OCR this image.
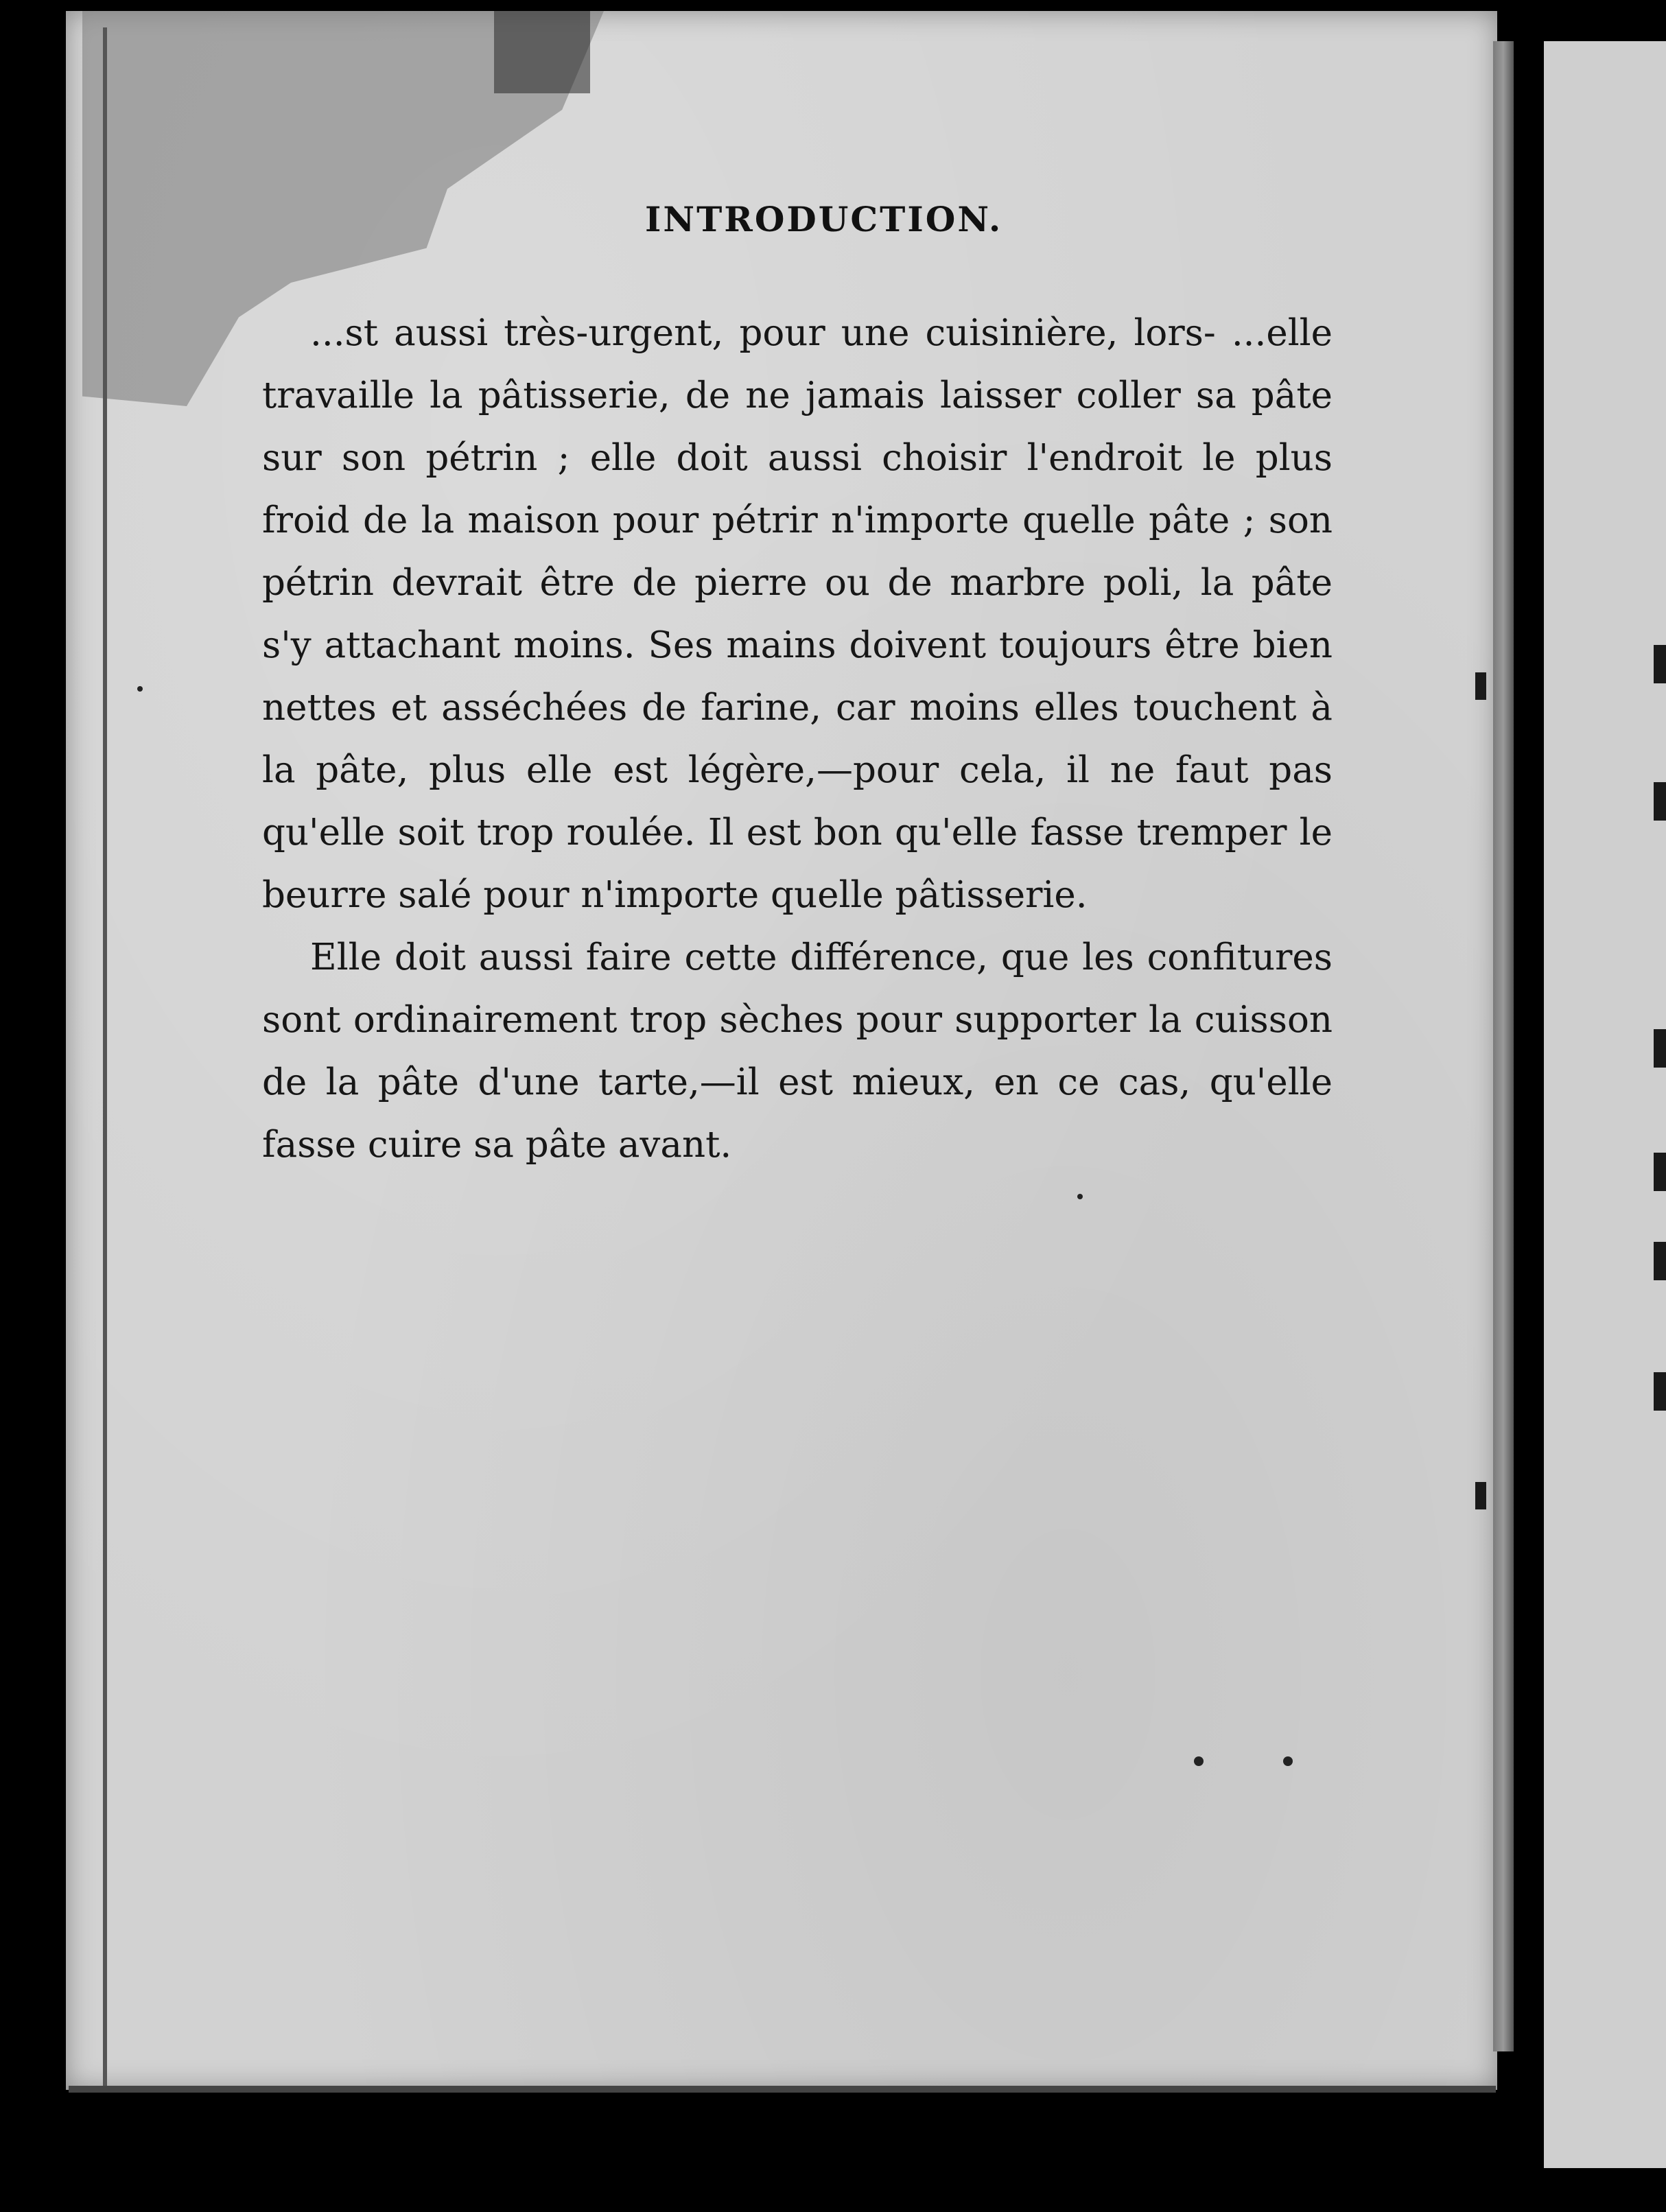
INTRODUCTION.

...st aussi très-urgent, pour une cuisinière, lors- ...elle travaille la pâtisserie, de ne jamais laisser coller sa pâte sur son pétrin ; elle doit aussi choisir l'endroit le plus froid de la maison pour pétrir n'importe quelle pâte ; son pétrin devrait être de pierre ou de marbre poli, la pâte s'y attachant moins. Ses mains doivent toujours être bien nettes et asséchées de farine, car moins elles touchent à la pâte, plus elle est légère,—pour cela, il ne faut pas qu'elle soit trop roulée. Il est bon qu'elle fasse tremper le beurre salé pour n'importe quelle pâtisserie.

Elle doit aussi faire cette différence, que les confitures sont ordinairement trop sèches pour supporter la cuisson de la pâte d'une tarte,—il est mieux, en ce cas, qu'elle fasse cuire sa pâte avant.
